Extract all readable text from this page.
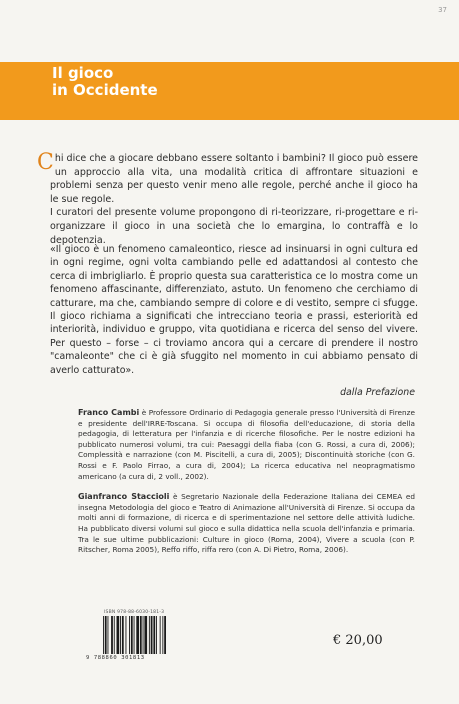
37
Il gioco
in Occidente

Chi dice che a giocare debbano essere soltanto i bambini? Il gioco può essere un approccio alla vita, una modalità critica di affrontare situazioni e problemi senza per questo venir meno alle regole, perché anche il gioco ha le sue regole.

I curatori del presente volume propongono di ri-teorizzare, ri-progettare e ri-organizzare il gioco in una società che lo emargina, lo contraffà e lo depotenzia.

«Il gioco è un fenomeno camaleontico, riesce ad insinuarsi in ogni cultura ed in ogni regime, ogni volta cambiando pelle ed adattandosi al contesto che cerca di imbrigliarlo. È proprio questa sua caratteristica ce lo mostra come un fenomeno affascinante, differenziato, astuto. Un fenomeno che cerchiamo di catturare, ma che, cambiando sempre di colore e di vestito, sempre ci sfugge. Il gioco richiama a significati che intrecciano teoria e prassi, esteriorità ed interiorità, individuo e gruppo, vita quotidiana e ricerca del senso del vivere. Per questo – forse – ci troviamo ancora qui a cercare di prendere il nostro "camaleonte" che ci è già sfuggito nel momento in cui abbiamo pensato di averlo catturato».

dalla Prefazione

Franco Cambi è Professore Ordinario di Pedagogia generale presso l'Università di Firenze e presidente dell'IRRE-Toscana. Si occupa di filosofia dell'educazione, di storia della pedagogia, di letteratura per l'infanzia e di ricerche filosofiche. Per le nostre edizioni ha pubblicato numerosi volumi, tra cui: Paesaggi della fiaba (con G. Rossi, a cura di, 2006); Complessità e narrazione (con M. Piscitelli, a cura di, 2005); Discontinuità storiche (con G. Rossi e F. Paolo Firrao, a cura di, 2004); La ricerca educativa nel neopragmatismo americano (a cura di, 2 voll., 2002).

Gianfranco Staccioli è Segretario Nazionale della Federazione Italiana dei CEMEA ed insegna Metodologia del gioco e Teatro di Animazione all'Università di Firenze. Si occupa da molti anni di formazione, di ricerca e di sperimentazione nel settore delle attività ludiche. Ha pubblicato diversi volumi sul gioco e sulla didattica nella scuola dell'infanzia e primaria. Tra le sue ultime pubblicazioni: Culture in gioco (Roma, 2004), Vivere a scuola (con P. Ritscher, Roma 2005), Reffo riffo, riffa rero (con A. Di Pietro, Roma, 2006).

ISBN 978-88-6030-181-3
9 788860 301813
€ 20,00
